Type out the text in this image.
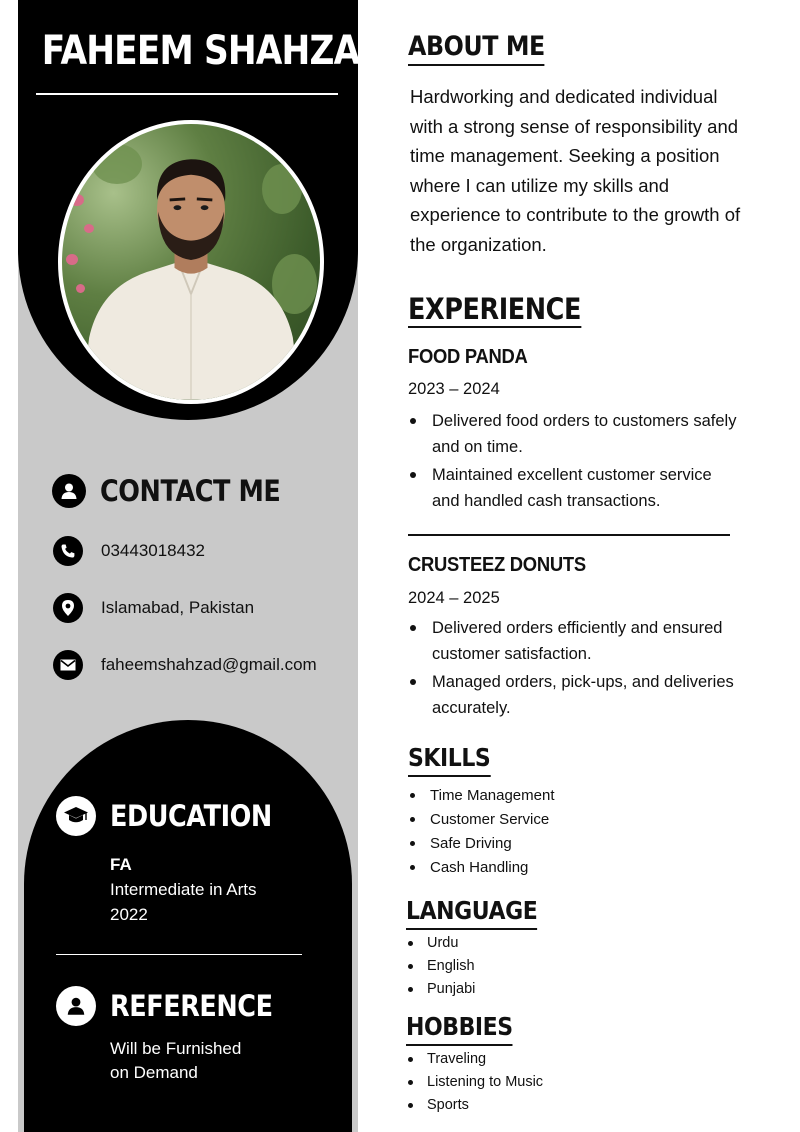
FAHEEM SHAHZAD
CONTACT ME
03443018432
Islamabad, Pakistan
faheemshahzad@gmail.com
EDUCATION
FA
Intermediate in Arts
2022
REFERENCE
Will be Furnished
on Demand
ABOUT ME
Hardworking and dedicated individual with a strong sense of responsibility and time management. Seeking a position where I can utilize my skills and experience to contribute to the growth of the organization.
EXPERIENCE
FOOD PANDA
2023 – 2024
Delivered food orders to customers safely and on time.
Maintained excellent customer service and handled cash transactions.
CRUSTEEZ DONUTS
2024 – 2025
Delivered orders efficiently and ensured customer satisfaction.
Managed orders, pick-ups, and deliveries accurately.
SKILLS
Time Management
Customer Service
Safe Driving
Cash Handling
LANGUAGE
Urdu
English
Punjabi
HOBBIES
Traveling
Listening to Music
Sports
